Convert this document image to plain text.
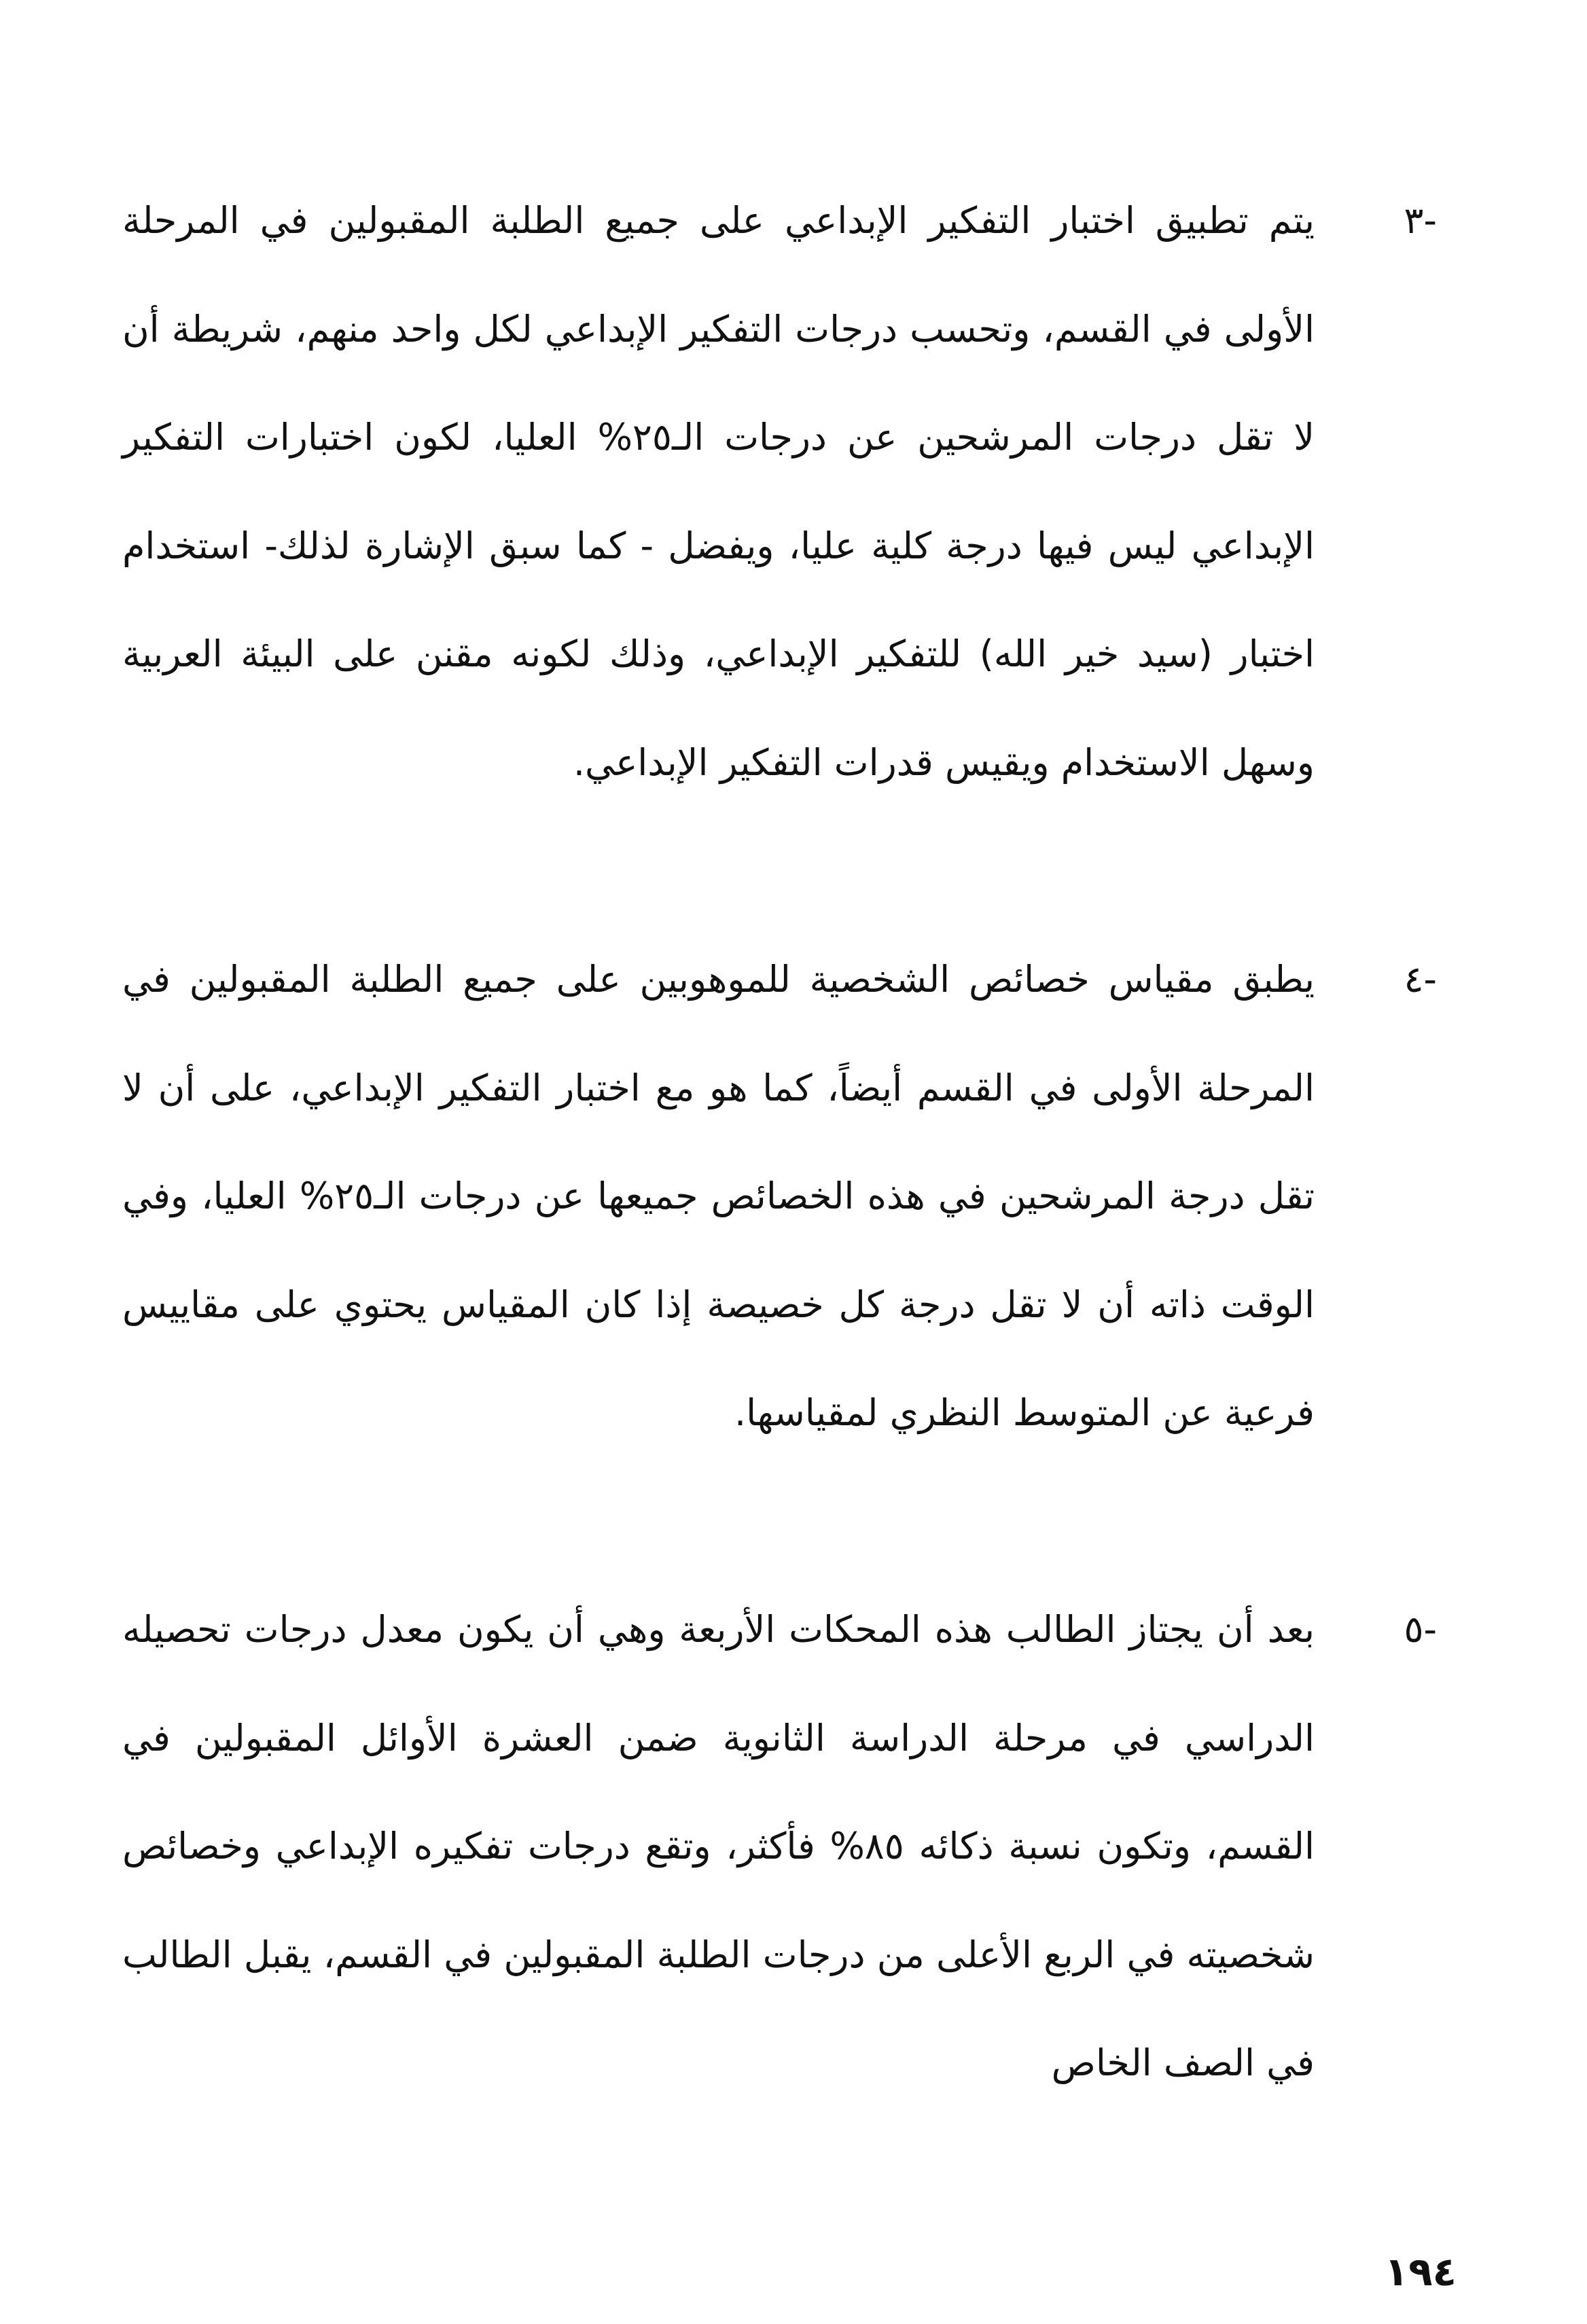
-٣
يتم تطبيق اختبار التفكير الإبداعي على جميع الطلبة المقبولين في المرحلة الأولى في القسم، وتحسب درجات التفكير الإبداعي لكل واحد منهم، شريطة أن لا تقل درجات المرشحين عن درجات الـ٢٥% العليا، لكون اختبارات التفكير الإبداعي ليس فيها درجة كلية عليا، ويفضل - كما سبق الإشارة لذلك- استخدام اختبار (سيد خير الله) للتفكير الإبداعي، وذلك لكونه مقنن على البيئة العربية وسهل الاستخدام ويقيس قدرات التفكير الإبداعي.
-٤
يطبق مقياس خصائص الشخصية للموهوبين على جميع الطلبة المقبولين في المرحلة الأولى في القسم أيضاً، كما هو مع اختبار التفكير الإبداعي، على أن لا تقل درجة المرشحين في هذه الخصائص جميعها عن درجات الـ٢٥% العليا، وفي الوقت ذاته أن لا تقل درجة كل خصيصة إذا كان المقياس يحتوي على مقاييس فرعية عن المتوسط النظري لمقياسها.
-٥
بعد أن يجتاز الطالب هذه المحكات الأربعة وهي أن يكون معدل درجات تحصيله الدراسي في مرحلة الدراسة الثانوية ضمن العشرة الأوائل المقبولين في القسم، وتكون نسبة ذكائه ٨٥% فأكثر، وتقع درجات تفكيره الإبداعي وخصائص شخصيته في الربع الأعلى من درجات الطلبة المقبولين في القسم، يقبل الطالب في الصف الخاص
١٩٤
